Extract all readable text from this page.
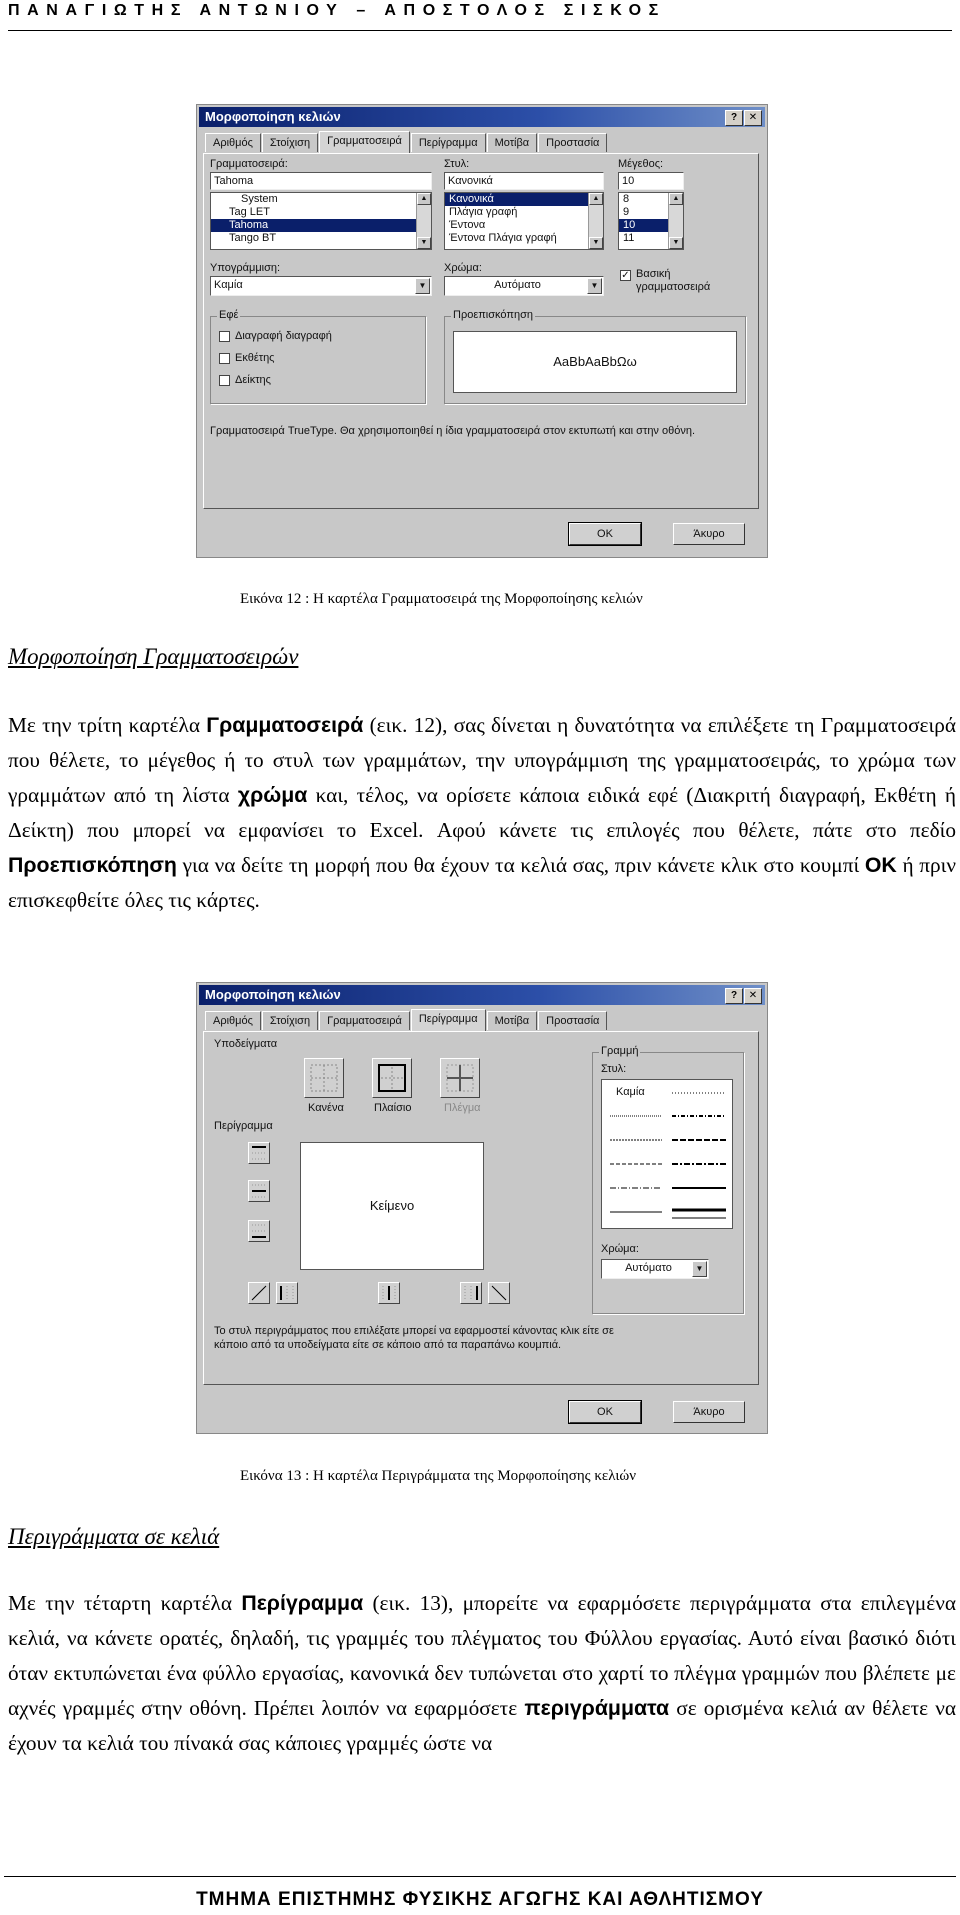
ΠΑΝΑΓΙΩΤΗΣ ΑΝΤΩΝΙΟΥ – ΑΠΟΣΤΟΛΟΣ ΣΙΣΚΟΣ
Μορφοποίηση κελιών	?	✕
Αριθμός	Στοίχιση	Γραμματοσειρά	Περίγραμμα	Μοτίβα	Προστασία
Γραμματοσειρά:
Tahoma
System
Tag LET
Tahoma
Tango BT
▲
▼
Στυλ:
Κανονικά
Κανονικά
Πλάγια γραφή
Έντονα
Έντονα Πλάγια γραφή
▲
▼
Μέγεθος:
10
8
9
10
11
▲
▼
Υπογράμμιση:
Καμία	▼
Χρώμα:
Αυτόματο	▼
✓ Βασική γραμματοσειρά
Εφέ
Διαγραφή διαγραφή
Εκθέτης
Δείκτης
Προεπισκόπηση
AaBbAaBbΩω
Γραμματοσειρά TrueType. Θα χρησιμοποιηθεί η ίδια γραμματοσειρά στον εκτυπωτή και στην οθόνη.
OK	Άκυρο
Εικόνα 12 : Η καρτέλα Γραμματοσειρά της Μορφοποίησης κελιών
Μορφοποίηση Γραμματοσειρών

Με την τρίτη καρτέλα Γραμματοσειρά (εικ. 12), σας δίνεται η δυνατότητα να επιλέξετε τη Γραμματοσειρά που θέλετε, το μέγεθος ή το στυλ των γραμμάτων, την υπογράμμιση της γραμματοσειράς, το χρώμα των γραμμάτων από τη λίστα χρώμα και, τέλος, να ορίσετε κάποια ειδικά εφέ (Διακριτή διαγραφή, Εκθέτη ή Δείκτη) που μπορεί να εμφανίσει το Excel. Αφού κάνετε τις επιλογές που θέλετε, πάτε στο πεδίο Προεπισκόπηση για να δείτε τη μορφή που θα έχουν τα κελιά σας, πριν κάνετε κλικ στο κουμπί OK ή πριν επισκεφθείτε όλες τις κάρτες.

Μορφοποίηση κελιών	?	✕
Αριθμός	Στοίχιση	Γραμματοσειρά	Περίγραμμα	Μοτίβα	Προστασία
Υποδείγματα
Κανένα	Πλαίσιο	Πλέγμα
Περίγραμμα
Κείμενο
Γραμμή
Στυλ:
Καμία
Χρώμα:
Αυτόματο	▼
Το στυλ περιγράμματος που επιλέξατε μπορεί να εφαρμοστεί κάνοντας κλικ είτε σε κάποιο από τα υποδείγματα είτε σε κάποιο από τα παραπάνω κουμπιά.
OK	Άκυρο
Εικόνα 13 : Η καρτέλα Περιγράμματα της Μορφοποίησης κελιών
Περιγράμματα σε κελιά

Με την τέταρτη καρτέλα Περίγραμμα (εικ. 13), μπορείτε να εφαρμόσετε περιγράμματα στα επιλεγμένα κελιά, να κάνετε ορατές, δηλαδή, τις γραμμές του πλέγματος του Φύλλου εργασίας. Αυτό είναι βασικό διότι όταν εκτυπώνεται ένα φύλλο εργασίας, κανονικά δεν τυπώνεται στο χαρτί το πλέγμα γραμμών που βλέπετε με αχνές γραμμές στην οθόνη. Πρέπει λοιπόν να εφαρμόσετε περιγράμματα σε ορισμένα κελιά αν θέλετε να έχουν τα κελιά του πίνακά σας κάποιες γραμμές ώστε να

ΤΜΗΜΑ ΕΠΙΣΤΗΜΗΣ ΦΥΣΙΚΗΣ ΑΓΩΓΗΣ ΚΑΙ ΑΘΛΗΤΙΣΜΟΥ
